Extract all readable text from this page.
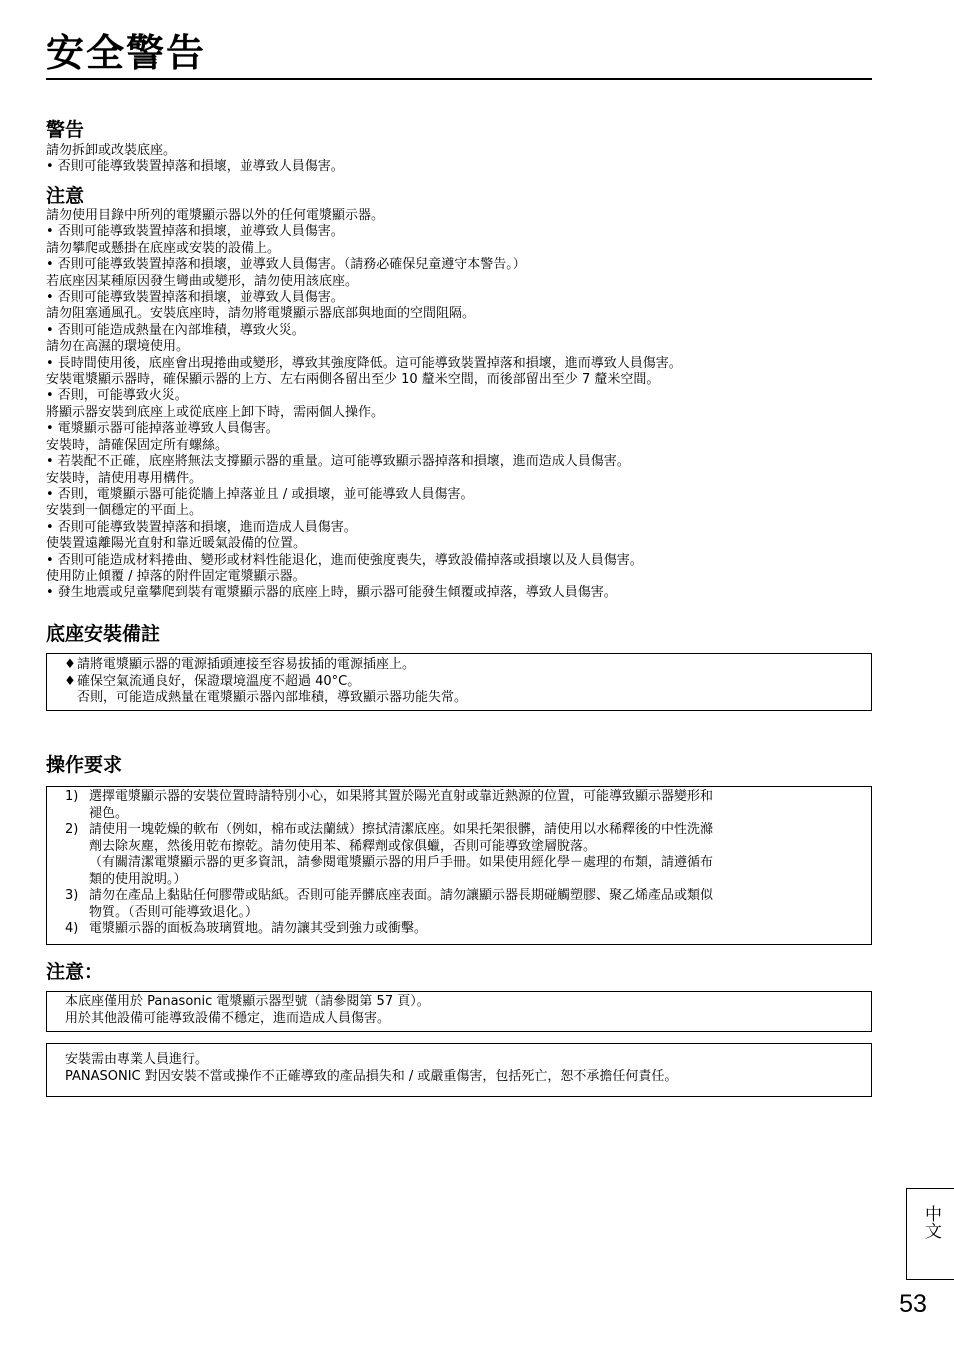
安全警告
警告
請勿拆卸或改裝底座。
• 否則可能導致裝置掉落和損壞，並導致人員傷害。
注意
請勿使用目錄中所列的電漿顯示器以外的任何電漿顯示器。
• 否則可能導致裝置掉落和損壞，並導致人員傷害。
請勿攀爬或懸掛在底座或安裝的設備上。
• 否則可能導致裝置掉落和損壞，並導致人員傷害。（請務必確保兒童遵守本警告。）
若底座因某種原因發生彎曲或變形，請勿使用該底座。
• 否則可能導致裝置掉落和損壞，並導致人員傷害。
請勿阻塞通風孔。安裝底座時，請勿將電漿顯示器底部與地面的空間阻隔。
• 否則可能造成熱量在內部堆積，導致火災。
請勿在高濕的環境使用。
• 長時間使用後，底座會出現捲曲或變形，導致其強度降低。這可能導致裝置掉落和損壞，進而導致人員傷害。
安裝電漿顯示器時，確保顯示器的上方、左右兩側各留出至少 10 釐米空間，而後部留出至少 7 釐米空間。
• 否則，可能導致火災。
將顯示器安裝到底座上或從底座上卸下時，需兩個人操作。
• 電漿顯示器可能掉落並導致人員傷害。
安裝時，請確保固定所有螺絲。
• 若裝配不正確，底座將無法支撐顯示器的重量。這可能導致顯示器掉落和損壞，進而造成人員傷害。
安裝時，請使用專用構件。
• 否則，電漿顯示器可能從牆上掉落並且 / 或損壞，並可能導致人員傷害。
安裝到一個穩定的平面上。
• 否則可能導致裝置掉落和損壞，進而造成人員傷害。
使裝置遠離陽光直射和靠近暖氣設備的位置。
• 否則可能造成材料捲曲、變形或材料性能退化，進而使強度喪失，導致設備掉落或損壞以及人員傷害。
使用防止傾覆 / 掉落的附件固定電漿顯示器。
• 發生地震或兒童攀爬到裝有電漿顯示器的底座上時，顯示器可能發生傾覆或掉落，導致人員傷害。
底座安裝備註
♦請將電漿顯示器的電源插頭連接至容易拔插的電源插座上。
♦確保空氣流通良好，保證環境溫度不超過 40°C。
否則，可能造成熱量在電漿顯示器內部堆積，導致顯示器功能失常。
操作要求
1) 選擇電漿顯示器的安裝位置時請特別小心，如果將其置於陽光直射或靠近熱源的位置，可能導致顯示器變形和
褪色。
2) 請使用一塊乾燥的軟布（例如，棉布或法蘭絨）擦拭清潔底座。如果托架很髒，請使用以水稀釋後的中性洗滌
劑去除灰塵，然後用乾布擦乾。請勿使用苯、稀釋劑或傢俱蠟，否則可能導致塗層脫落。
（有關清潔電漿顯示器的更多資訊，請參閱電漿顯示器的用戶手冊。如果使用經化學－處理的布類，請遵循布
類的使用說明。）
3) 請勿在產品上黏貼任何膠帶或貼紙。否則可能弄髒底座表面。請勿讓顯示器長期碰觸塑膠、聚乙烯產品或類似
物質。（否則可能導致退化。）
4) 電漿顯示器的面板為玻璃質地。請勿讓其受到強力或衝擊。
注意：
本底座僅用於 Panasonic 電漿顯示器型號（請參閱第 57 頁）。
用於其他設備可能導致設備不穩定，進而造成人員傷害。
安裝需由專業人員進行。
PANASONIC 對因安裝不當或操作不正確導致的產品損失和 / 或嚴重傷害，包括死亡，恕不承擔任何責任。
中文
53
